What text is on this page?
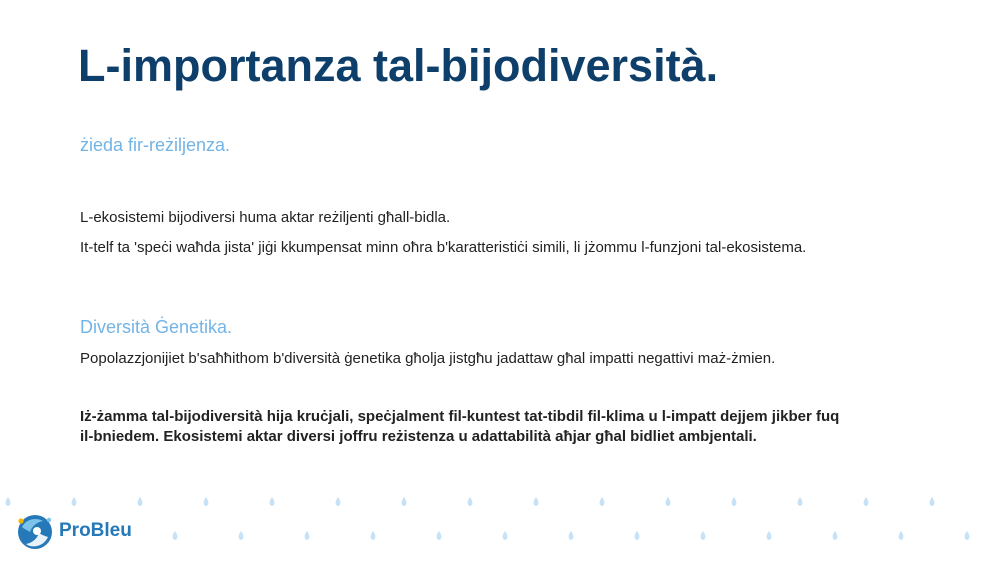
L-importanza tal-bijodiversità.

żieda fir-reżiljenza.

L-ekosistemi bijodiversi huma aktar reżiljenti għall-bidla.

It-telf ta 'speċi waħda jista' jiġi kkumpensat minn oħra b'karatteristiċi simili, li jżommu l-funzjoni tal-ekosistema.

Diversità Ġenetika.

Popolazzjonijiet b'saħħithom b'diversità ġenetika għolja jistgħu jadattaw għal impatti negattivi maż-żmien.

Iż-żamma tal-bijodiversità hija kruċjali, speċjalment fil-kuntest tat-tibdil fil-klima u l-impatt dejjem jikber fuq il-bniedem. Ekosistemi aktar diversi joffru reżistenza u adattabilità aħjar għal bidliet ambjentali.

ProBleu
